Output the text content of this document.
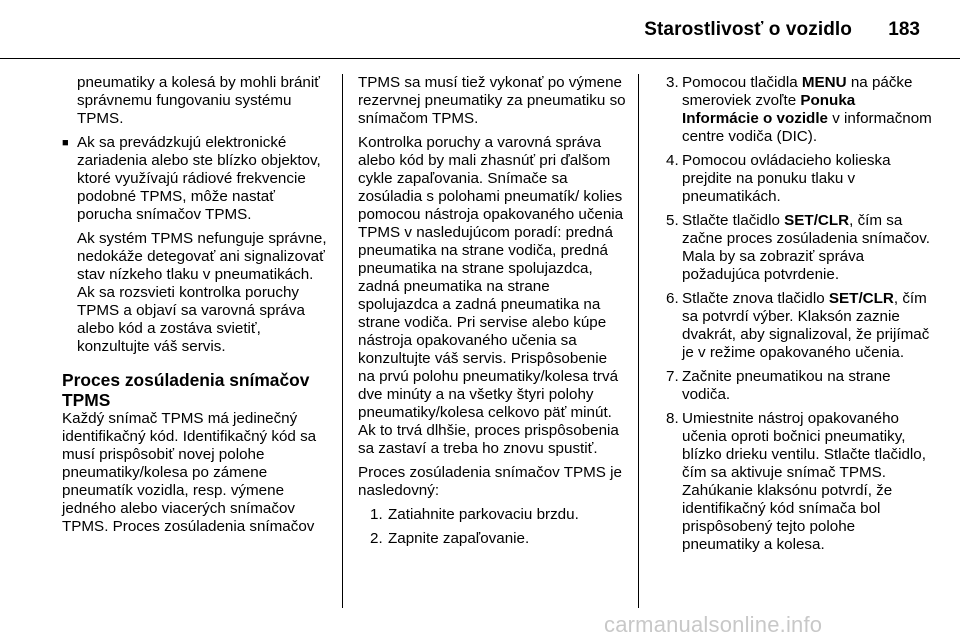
Starostlivosť o vozidlo 183

pneumatiky a kolesá by mohli brániť správnemu fungovaniu systému TPMS.

■ Ak sa prevádzkujú elektronické zariadenia alebo ste blízko objektov, ktoré využívajú rádiové frekvencie podobné TPMS, môže nastať porucha snímačov TPMS.

Ak systém TPMS nefunguje správne, nedokáže detegovať ani signalizovať stav nízkeho tlaku v pneumatikách. Ak sa rozsvieti kontrolka poruchy TPMS a objaví sa varovná správa alebo kód a zostáva svietiť, konzultujte váš servis.

Proces zosúladenia snímačov TPMS

Každý snímač TPMS má jedinečný identifikačný kód. Identifikačný kód sa musí prispôsobiť novej polohe pneumatiky/kolesa po zámene pneumatík vozidla, resp. výmene jedného alebo viacerých snímačov TPMS. Proces zosúladenia snímačov

TPMS sa musí tiež vykonať po výmene rezervnej pneumatiky za pneumatiku so snímačom TPMS.

Kontrolka poruchy a varovná správa alebo kód by mali zhasnúť pri ďalšom cykle zapaľovania. Snímače sa zosúladia s polohami pneumatík/ kolies pomocou nástroja opakovaného učenia TPMS v nasledujúcom poradí: predná pneumatika na strane vodiča, predná pneumatika na strane spolujazdca, zadná pneumatika na strane spolujazdca a zadná pneumatika na strane vodiča. Pri servise alebo kúpe nástroja opakovaného učenia sa konzultujte váš servis. Prispôsobenie na prvú polohu pneumatiky/kolesa trvá dve minúty a na všetky štyri polohy pneumatiky/kolesa celkovo päť minút. Ak to trvá dlhšie, proces prispôsobenia sa zastaví a treba ho znovu spustiť.

Proces zosúladenia snímačov TPMS je nasledovný:

1. Zatiahnite parkovaciu brzdu.
2. Zapnite zapaľovanie.
3. Pomocou tlačidla MENU na páčke smeroviek zvoľte Ponuka Informácie o vozidle v informačnom centre vodiča (DIC).
4. Pomocou ovládacieho kolieska prejdite na ponuku tlaku v pneumatikách.
5. Stlačte tlačidlo SET/CLR, čím sa začne proces zosúladenia snímačov. Mala by sa zobraziť správa požadujúca potvrdenie.
6. Stlačte znova tlačidlo SET/CLR, čím sa potvrdí výber. Klaksón zaznie dvakrát, aby signalizoval, že prijímač je v režime opakovaného učenia.
7. Začnite pneumatikou na strane vodiča.
8. Umiestnite nástroj opakovaného učenia oproti bočnici pneumatiky, blízko drieku ventilu. Stlačte tlačidlo, čím sa aktivuje snímač TPMS. Zahúkanie klaksónu potvrdí, že identifikačný kód snímača bol prispôsobený tejto polohe pneumatiky a kolesa.
carmanualsonline.info
